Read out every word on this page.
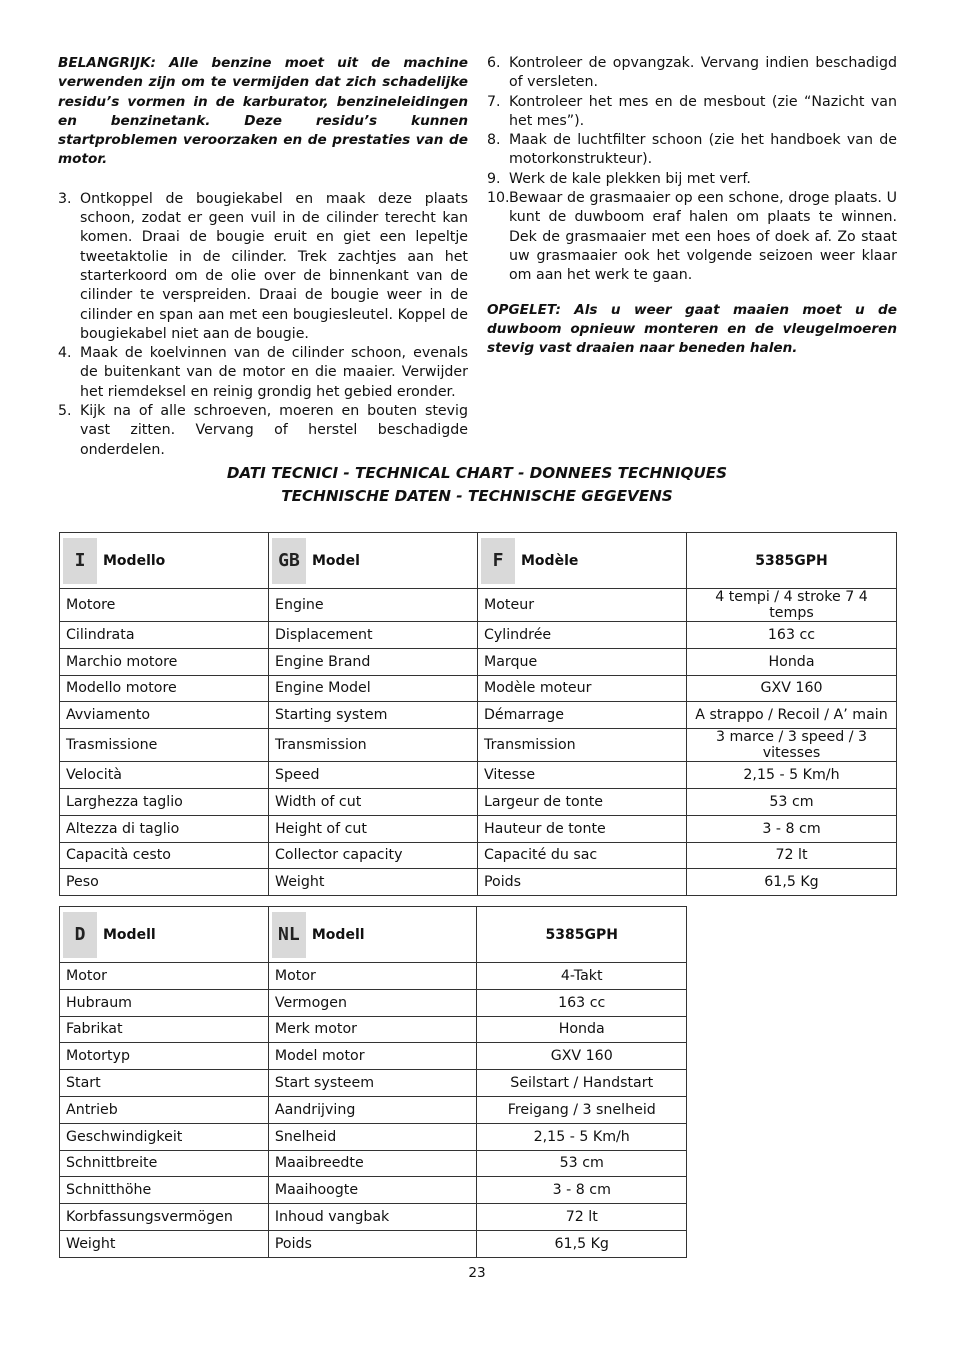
BELANGRIJK: Alle benzine moet uit de machine verwenden zijn om te vermijden dat zich schadelijke residu’s vormen in de karburator, benzineleidingen en benzinetank. Deze residu’s kunnen startproblemen veroorzaken en de prestaties van de motor.

3. Ontkoppel de bougiekabel en maak deze plaats schoon, zodat er geen vuil in de cilinder terecht kan komen. Draai de bougie eruit en giet een lepeltje tweetaktolie in de cilinder. Trek zachtjes aan het starterkoord om de olie over de binnenkant van de cilinder te verspreiden. Draai de bougie weer in de cilinder en span aan met een bougiesleutel. Koppel de bougiekabel niet aan de bougie.
4. Maak de koelvinnen van de cilinder schoon, evenals de buitenkant van de motor en die maaier. Verwijder het riemdeksel en reinig grondig het gebied eronder.
5. Kijk na of alle schroeven, moeren en bouten stevig vast zitten. Vervang of herstel beschadigde onderdelen.
6. Kontroleer de opvangzak. Vervang indien beschadigd of versleten.
7. Kontroleer het mes en de mesbout (zie “Nazicht van het mes”).
8. Maak de luchtfilter schoon (zie het handboek van de motorkonstrukteur).
9. Werk de kale plekken bij met verf.
10. Bewaar de grasmaaier op een schone, droge plaats. U kunt de duwboom eraf halen om plaats te winnen. Dek de grasmaaier met een hoes of doek af. Zo staat uw grasmaaier ook het volgende seizoen weer klaar om aan het werk te gaan.

OPGELET: Als u weer gaat maaien moet u de duwboom opnieuw monteren en de vleugelmoeren stevig vast draaien naar beneden halen.

DATI TECNICI - TECHNICAL CHART - DONNEES TECHNIQUES
TECHNISCHE DATEN - TECHNISCHE GEGEVENS
I Modello	GB Model	F Modèle	5385GPH
Motore	Engine	Moteur	4 tempi / 4 stroke 7 4 temps
Cilindrata	Displacement	Cylindrée	163 cc
Marchio motore	Engine Brand	Marque	Honda
Modello motore	Engine Model	Modèle moteur	GXV 160
Avviamento	Starting system	Démarrage	A strappo / Recoil / A’ main
Trasmissione	Transmission	Transmission	3 marce / 3 speed / 3 vitesses
Velocità	Speed	Vitesse	2,15 - 5 Km/h
Larghezza taglio	Width of cut	Largeur de tonte	53 cm
Altezza di taglio	Height of cut	Hauteur de tonte	3 - 8 cm
Capacità cesto	Collector capacity	Capacité du sac	72 lt
Peso	Weight	Poids	61,5 Kg
D Modell	NL Modell	5385GPH
Motor	Motor	4-Takt
Hubraum	Vermogen	163 cc
Fabrikat	Merk motor	Honda
Motortyp	Model motor	GXV 160
Start	Start systeem	Seilstart / Handstart
Antrieb	Aandrijving	Freigang / 3 snelheid
Geschwindigkeit	Snelheid	2,15 - 5 Km/h
Schnittbreite	Maaibreedte	53 cm
Schnitthöhe	Maaihoogte	3 - 8 cm
Korbfassungsvermögen	Inhoud vangbak	72 lt
Weight	Poids	61,5 Kg
23
